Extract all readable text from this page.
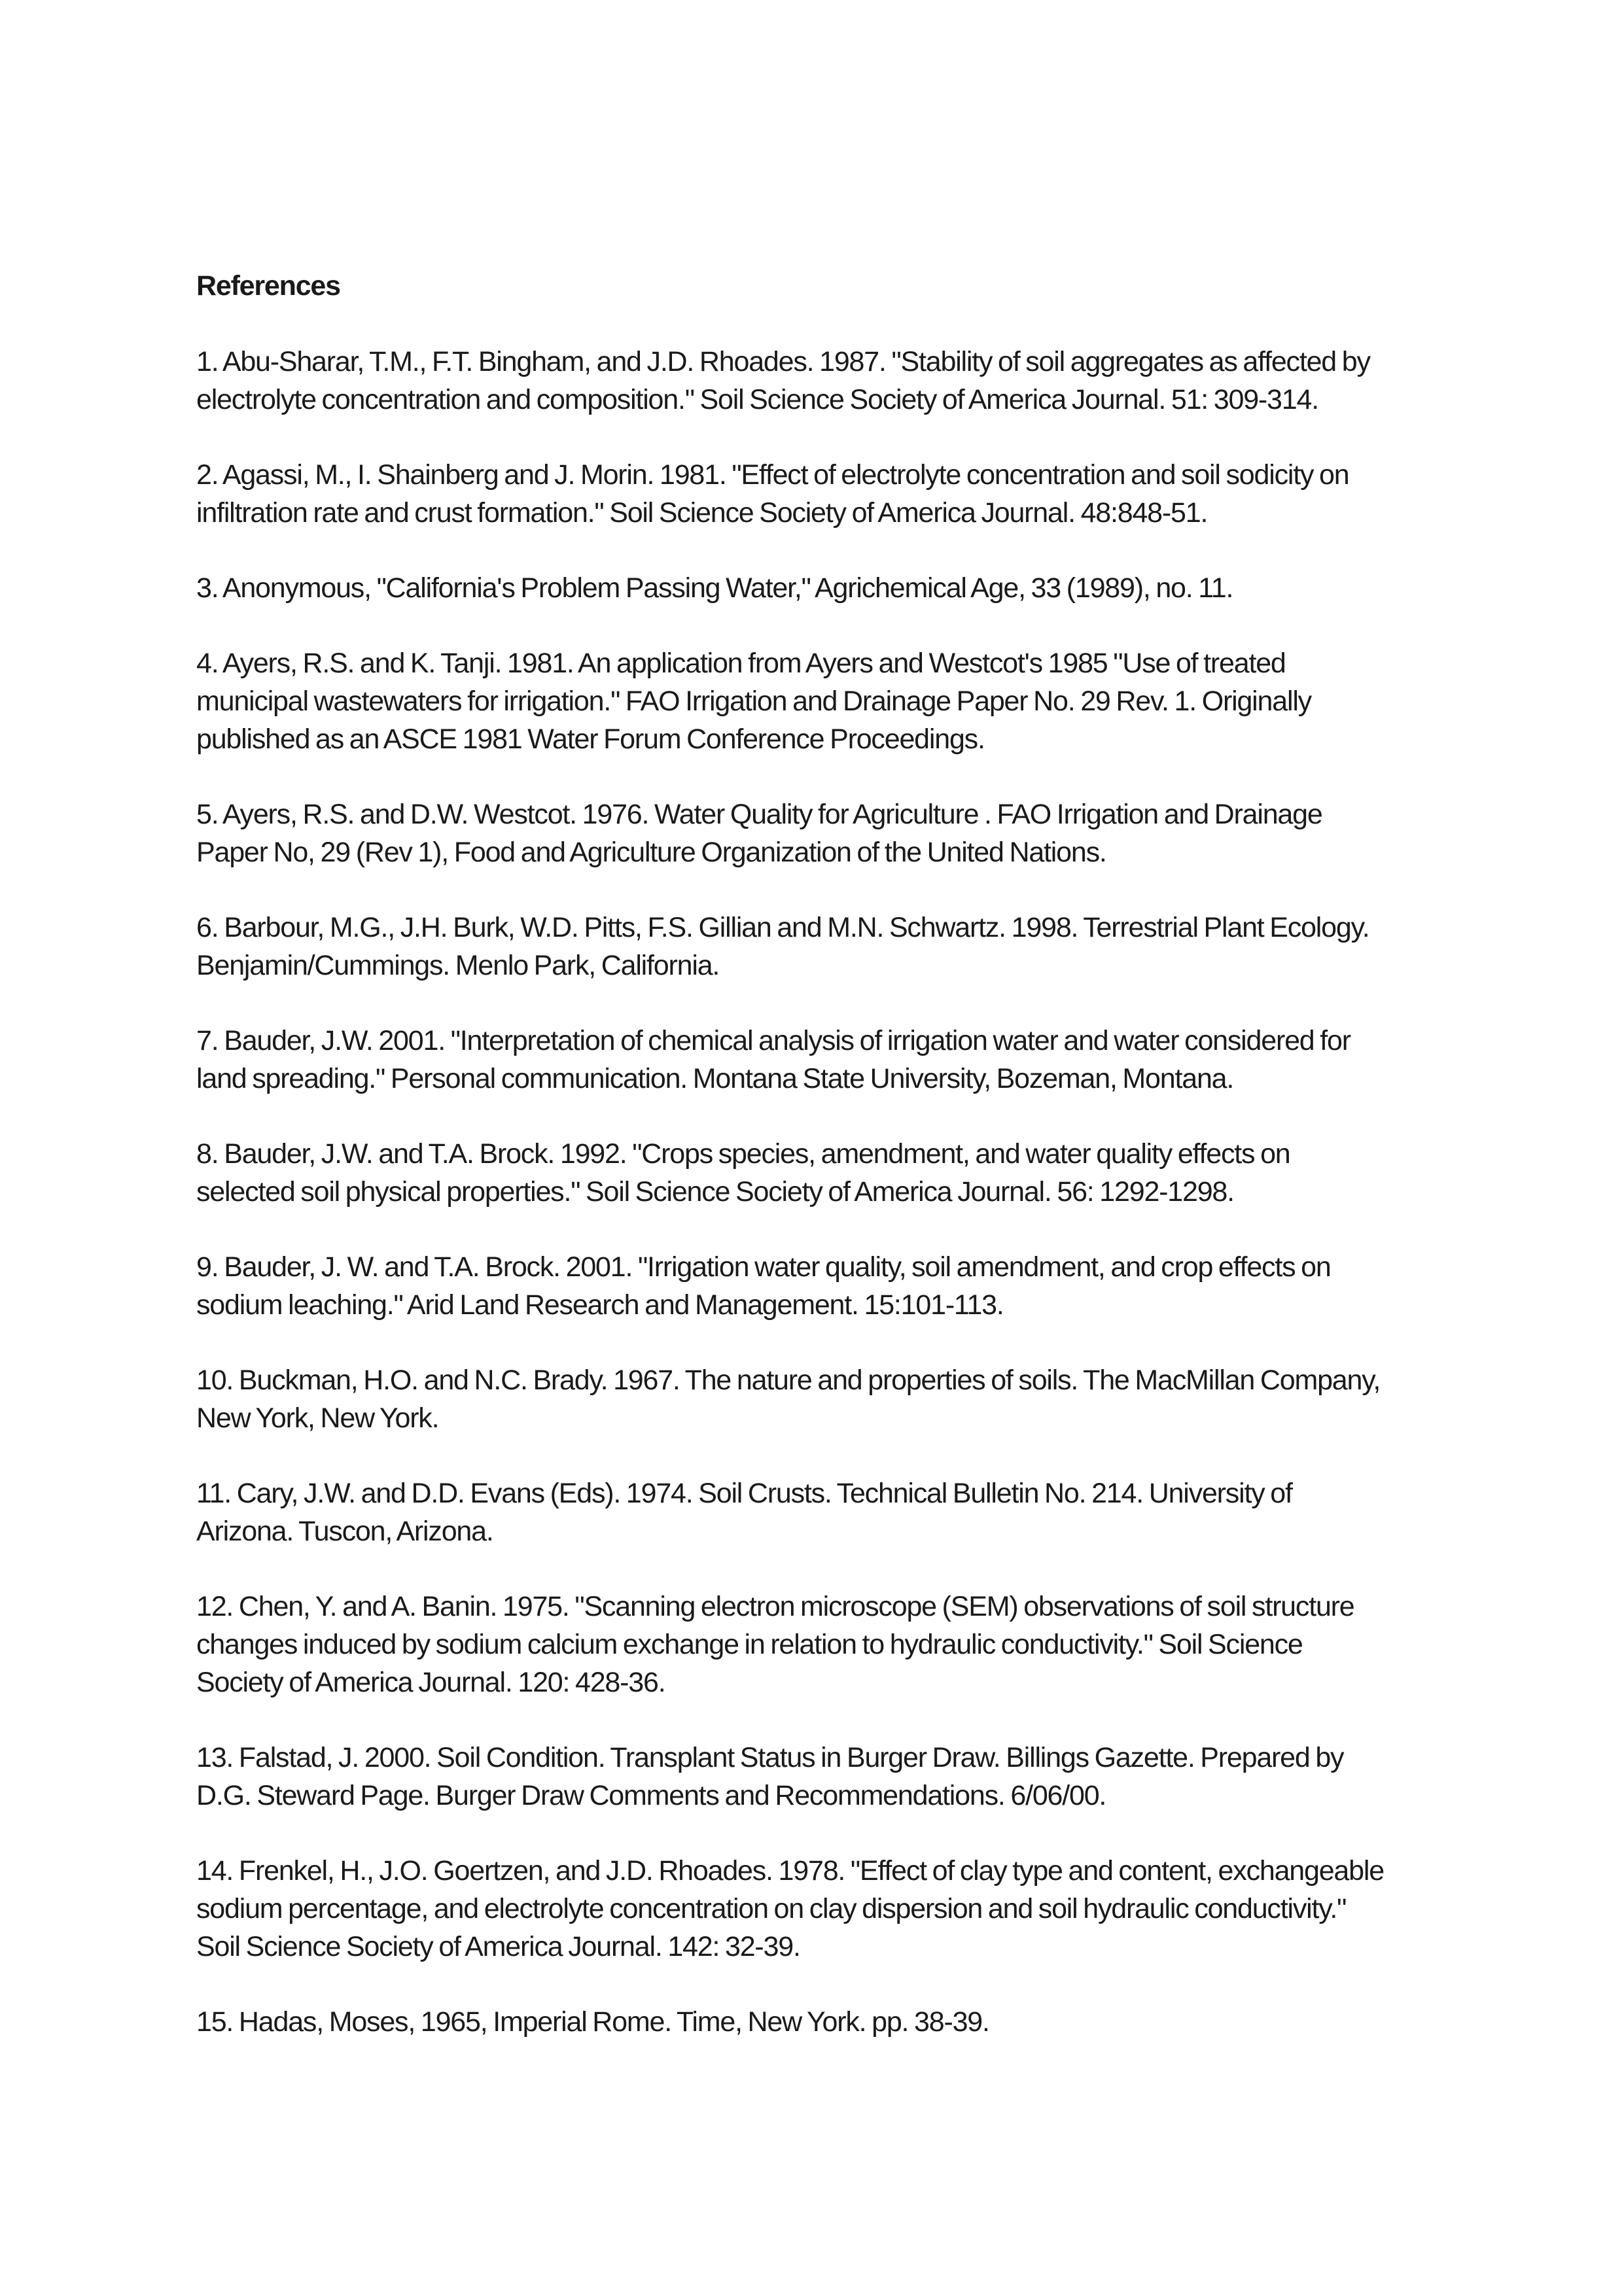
References
1. Abu-Sharar, T.M., F.T. Bingham, and J.D. Rhoades. 1987. "Stability of soil aggregates as affected by
electrolyte concentration and composition." Soil Science Society of America Journal. 51: 309-314.
2. Agassi, M., I. Shainberg and J. Morin. 1981. "Effect of electrolyte concentration and soil sodicity on
infiltration rate and crust formation." Soil Science Society of America Journal. 48:848-51.
3. Anonymous, "California's Problem Passing Water," Agrichemical Age, 33 (1989), no. 11.
4. Ayers, R.S. and K. Tanji. 1981. An application from Ayers and Westcot's 1985 "Use of treated
municipal wastewaters for irrigation." FAO Irrigation and Drainage Paper No. 29 Rev. 1. Originally
published as an ASCE 1981 Water Forum Conference Proceedings.
5. Ayers, R.S. and D.W. Westcot. 1976. Water Quality for Agriculture . FAO Irrigation and Drainage
Paper No, 29 (Rev 1), Food and Agriculture Organization of the United Nations.
6. Barbour, M.G., J.H. Burk, W.D. Pitts, F.S. Gillian and M.N. Schwartz. 1998. Terrestrial Plant Ecology.
Benjamin/Cummings. Menlo Park, California.
7. Bauder, J.W. 2001. "Interpretation of chemical analysis of irrigation water and water considered for
land spreading." Personal communication. Montana State University, Bozeman, Montana.
8. Bauder, J.W. and T.A. Brock. 1992. "Crops species, amendment, and water quality effects on
selected soil physical properties." Soil Science Society of America Journal. 56: 1292-1298.
9. Bauder, J. W. and T.A. Brock. 2001. "Irrigation water quality, soil amendment, and crop effects on
sodium leaching." Arid Land Research and Management. 15:101-113.
10. Buckman, H.O. and N.C. Brady. 1967. The nature and properties of soils. The MacMillan Company,
New York, New York.
11. Cary, J.W. and D.D. Evans (Eds). 1974. Soil Crusts. Technical Bulletin No. 214. University of
Arizona. Tuscon, Arizona.
12. Chen, Y. and A. Banin. 1975. "Scanning electron microscope (SEM) observations of soil structure
changes induced by sodium calcium exchange in relation to hydraulic conductivity." Soil Science
Society of America Journal. 120: 428-36.
13. Falstad, J. 2000. Soil Condition. Transplant Status in Burger Draw. Billings Gazette. Prepared by
D.G. Steward Page. Burger Draw Comments and Recommendations. 6/06/00.
14. Frenkel, H., J.O. Goertzen, and J.D. Rhoades. 1978. "Effect of clay type and content, exchangeable
sodium percentage, and electrolyte concentration on clay dispersion and soil hydraulic conductivity."
Soil Science Society of America Journal. 142: 32-39.
15. Hadas, Moses, 1965, Imperial Rome. Time, New York. pp. 38-39.
